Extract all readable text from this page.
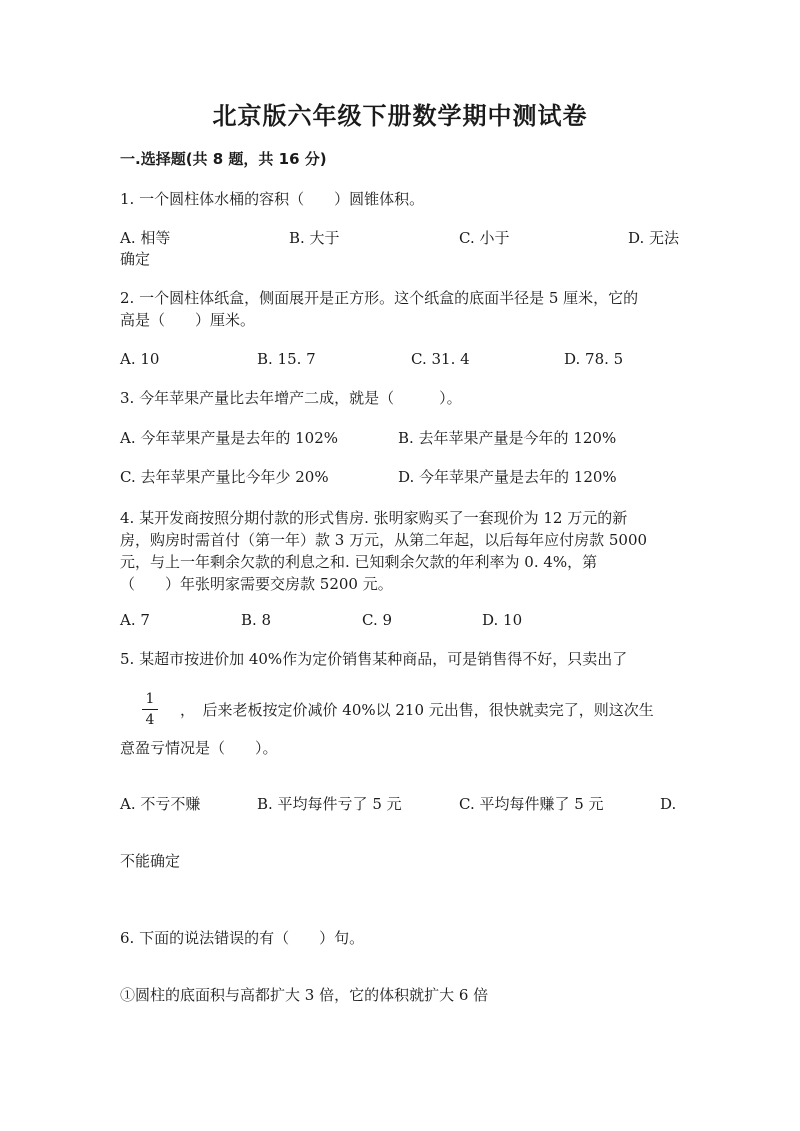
北京版六年级下册数学期中测试卷
一.选择题(共 8 题，共 16 分)
1. 一个圆柱体水桶的容积（　　）圆锥体积。
A. 相等	B. 大于	C. 小于	D. 无法
确定
2. 一个圆柱体纸盒，侧面展开是正方形。这个纸盒的底面半径是 5 厘米，它的
高是（　　）厘米。
A. 10	B. 15. 7	C. 31. 4	D. 78. 5
3. 今年苹果产量比去年增产二成，就是（　　　）。
A. 今年苹果产量是去年的 102%	B. 去年苹果产量是今年的 120%
C. 去年苹果产量比今年少 20%	D. 今年苹果产量是去年的 120%
4. 某开发商按照分期付款的形式售房. 张明家购买了一套现价为 12 万元的新
房，购房时需首付（第一年）款 3 万元，从第二年起，以后每年应付房款 5000
元，与上一年剩余欠款的利息之和. 已知剩余欠款的年利率为 0. 4%，第
（　　）年张明家需要交房款 5200 元。
A. 7	B. 8	C. 9	D. 10
5. 某超市按进价加 40%作为定价销售某种商品，可是销售得不好，只卖出了
1
4
，　后来老板按定价减价 40%以 210 元出售，很快就卖完了，则这次生
意盈亏情况是（　　）。
A. 不亏不赚	B. 平均每件亏了 5 元	C. 平均每件赚了 5 元	D.
不能确定
6. 下面的说法错误的有（　　）句。
①圆柱的底面积与高都扩大 3 倍，它的体积就扩大 6 倍
